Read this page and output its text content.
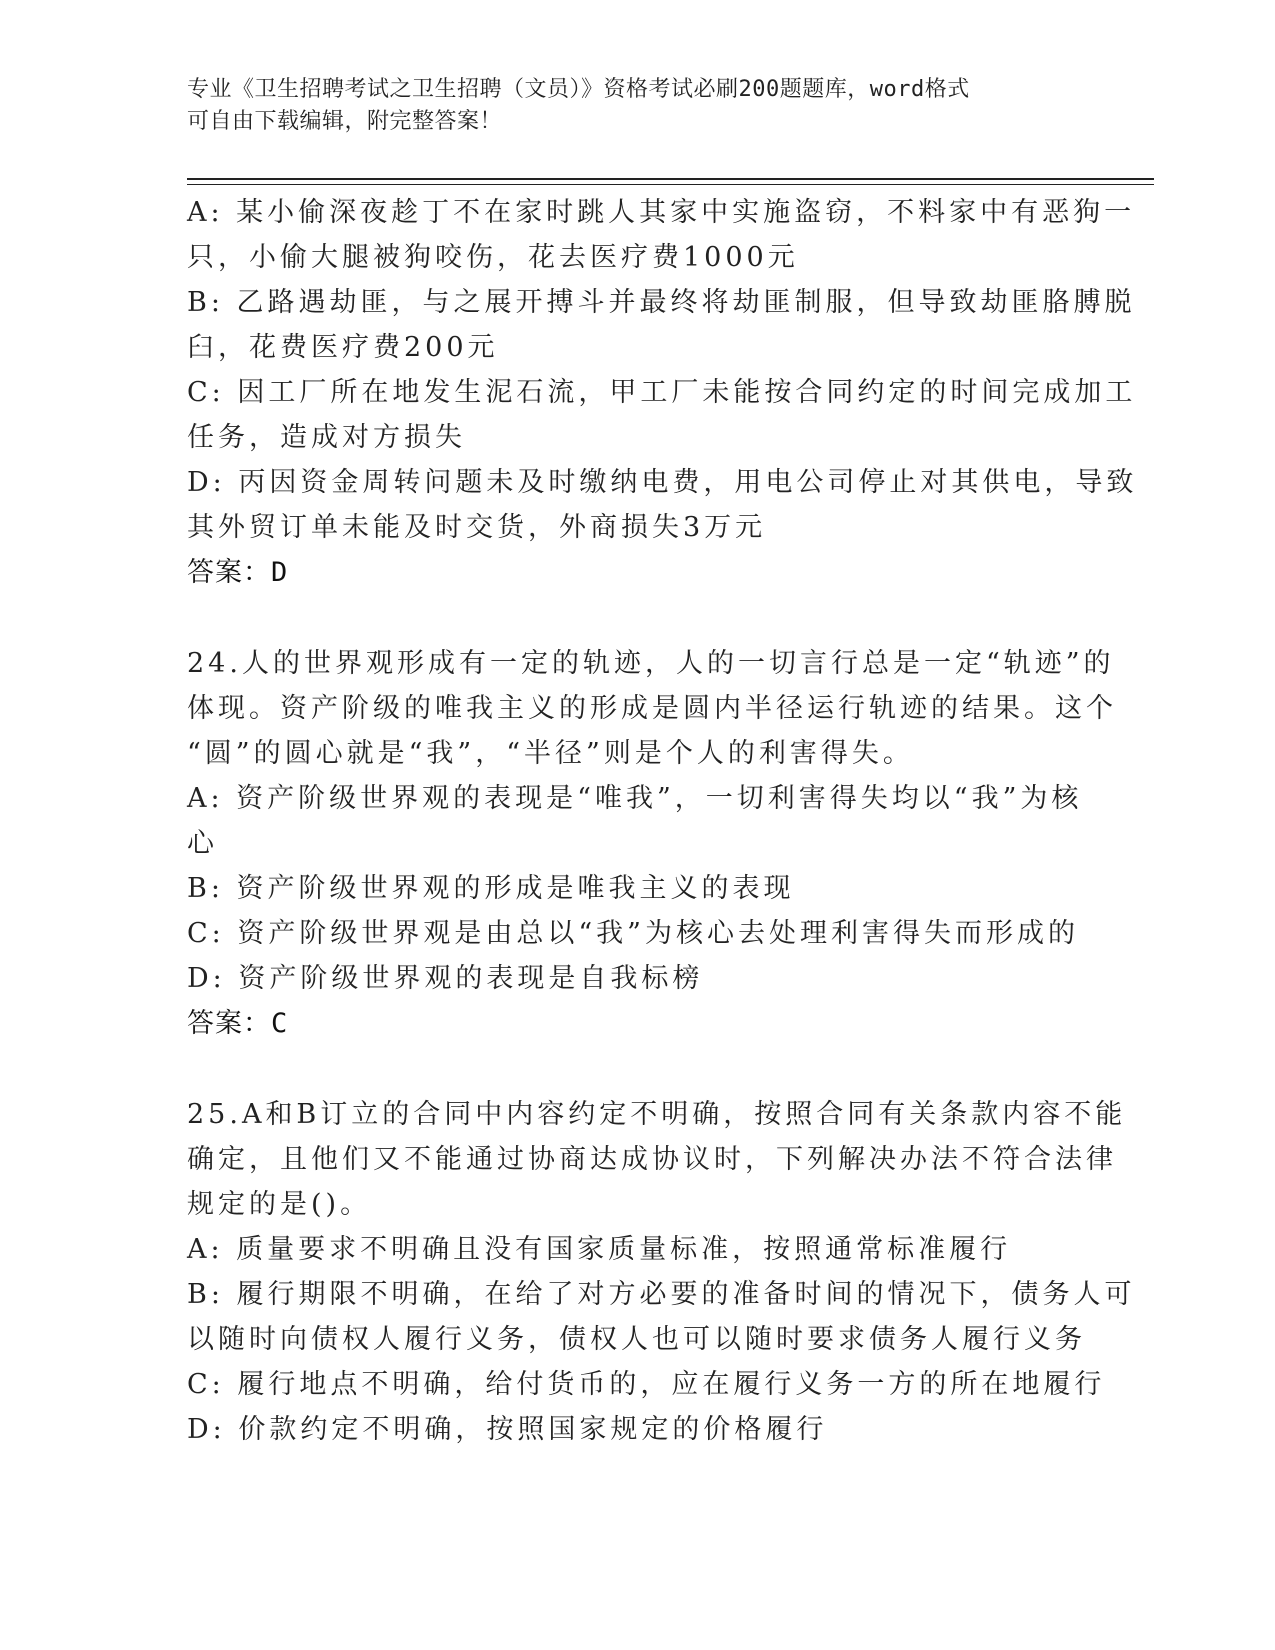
专业《卫生招聘考试之卫生招聘（文员）》资格考试必刷200题题库，word格式
可自由下载编辑，附完整答案！
A: 某小偷深夜趁丁不在家时跳人其家中实施盗窃，不料家中有恶狗一
只，小偷大腿被狗咬伤，花去医疗费1000元
B: 乙路遇劫匪，与之展开搏斗并最终将劫匪制服，但导致劫匪胳膊脱
臼，花费医疗费200元
C: 因工厂所在地发生泥石流，甲工厂未能按合同约定的时间完成加工
任务，造成对方损失
D: 丙因资金周转问题未及时缴纳电费，用电公司停止对其供电，导致
其外贸订单未能及时交货，外商损失3万元
答案：D
24.人的世界观形成有一定的轨迹，人的一切言行总是一定“轨迹”的
体现。资产阶级的唯我主义的形成是圆内半径运行轨迹的结果。这个
“圆”的圆心就是“我”，“半径”则是个人的利害得失。
A: 资产阶级世界观的表现是“唯我”，一切利害得失均以“我”为核
心
B: 资产阶级世界观的形成是唯我主义的表现
C: 资产阶级世界观是由总以“我”为核心去处理利害得失而形成的
D: 资产阶级世界观的表现是自我标榜
答案：C
25.A和B订立的合同中内容约定不明确，按照合同有关条款内容不能
确定，且他们又不能通过协商达成协议时，下列解决办法不符合法律
规定的是()。
A: 质量要求不明确且没有国家质量标准，按照通常标准履行
B: 履行期限不明确，在给了对方必要的准备时间的情况下，债务人可
以随时向债权人履行义务，债权人也可以随时要求债务人履行义务
C: 履行地点不明确，给付货币的，应在履行义务一方的所在地履行
D: 价款约定不明确，按照国家规定的价格履行
